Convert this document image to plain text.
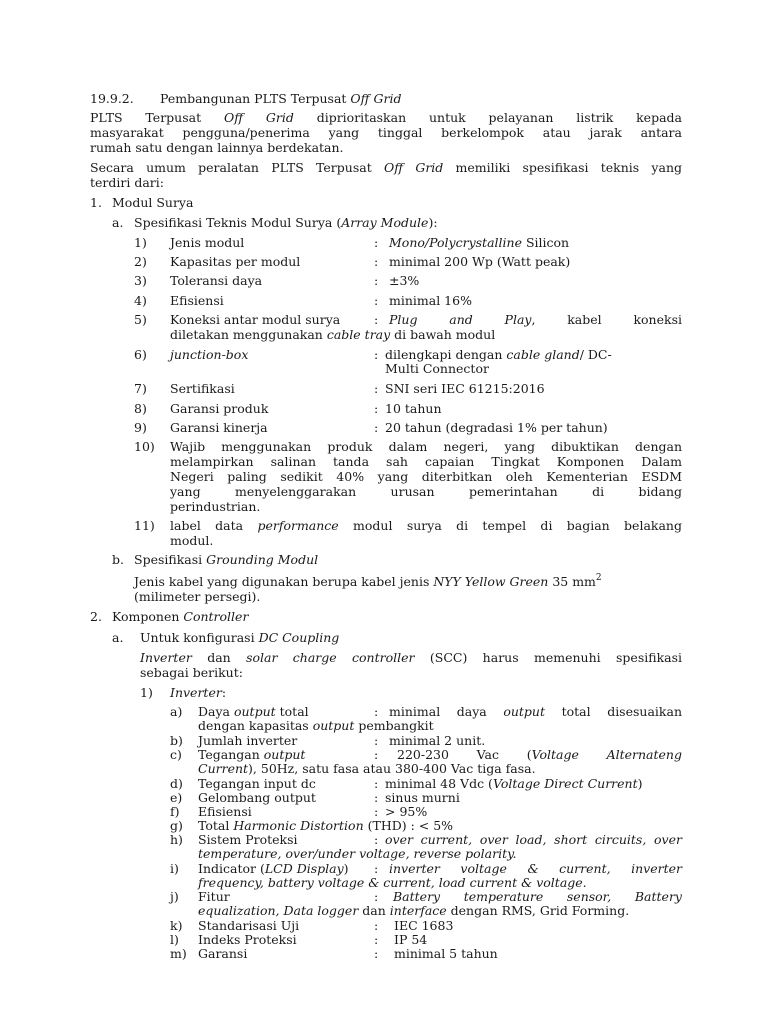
19.9.2. Pembangunan PLTS Terpusat Off Grid
PLTS Terpusat Off Grid diprioritaskan untuk pelayanan listrik kepada
masyarakat pengguna/penerima yang tinggal berkelompok atau jarak antara
rumah satu dengan lainnya berdekatan.
Secara umum peralatan PLTS Terpusat Off Grid memiliki spesifikasi teknis yang
terdiri dari:
1. Modul Surya
a. Spesifikasi Teknis Modul Surya (Array Module):
1) Jenis modul	: Mono/Polycrystalline Silicon
2) Kapasitas per modul	: minimal 200 Wp (Watt peak)
3) Toleransi daya	: ±3%
4) Efisiensi	: minimal 16%
5) Koneksi antar modul surya	: Plug and Play, kabel koneksi
diletakan menggunakan cable tray di bawah modul
6) junction-box	: dilengkapi dengan cable gland/ DC-
Multi Connector
7) Sertifikasi	: SNI seri IEC 61215:2016
8) Garansi produk	: 10 tahun
9) Garansi kinerja	: 20 tahun (degradasi 1% per tahun)
10) Wajib menggunakan produk dalam negeri, yang dibuktikan dengan
melampirkan salinan tanda sah capaian Tingkat Komponen Dalam
Negeri paling sedikit 40% yang diterbitkan oleh Kementerian ESDM
yang menyelenggarakan urusan pemerintahan di bidang
perindustrian.
11) label data performance modul surya di tempel di bagian belakang
modul.
b. Spesifikasi Grounding Modul
Jenis kabel yang digunakan berupa kabel jenis NYY Yellow Green 35 $mm^2$
(milimeter persegi).
2. Komponen Controller
a. Untuk konfigurasi DC Coupling
Inverter dan solar charge controller (SCC) harus memenuhi spesifikasi
sebagai berikut:
1) Inverter:
a) Daya output total	: minimal daya output total disesuaikan
dengan kapasitas output pembangkit
b) Jumlah inverter	: minimal 2 unit.
c) Tegangan output	: 220-230 Vac (Voltage Alternateng
Current), 50Hz, satu fasa atau 380-400 Vac tiga fasa.
d) Tegangan input dc	: minimal 48 Vdc (Voltage Direct Current)
e) Gelombang output	: sinus murni
f) Efisiensi	: > 95%
g) Total Harmonic Distortion (THD) : < 5%
h) Sistem Proteksi	: over current, over load, short circuits, over
temperature, over/under voltage, reverse polarity.
i) Indicator (LCD Display) : inverter voltage & current, inverter
frequency, battery voltage & current, load current & voltage.
j) Fitur	: Battery temperature sensor, Battery
equalization, Data logger dan interface dengan RMS, Grid Forming.
k) Standarisasi Uji	: IEC 1683
l) Indeks Proteksi	: IP 54
m) Garansi	: minimal 5 tahun
